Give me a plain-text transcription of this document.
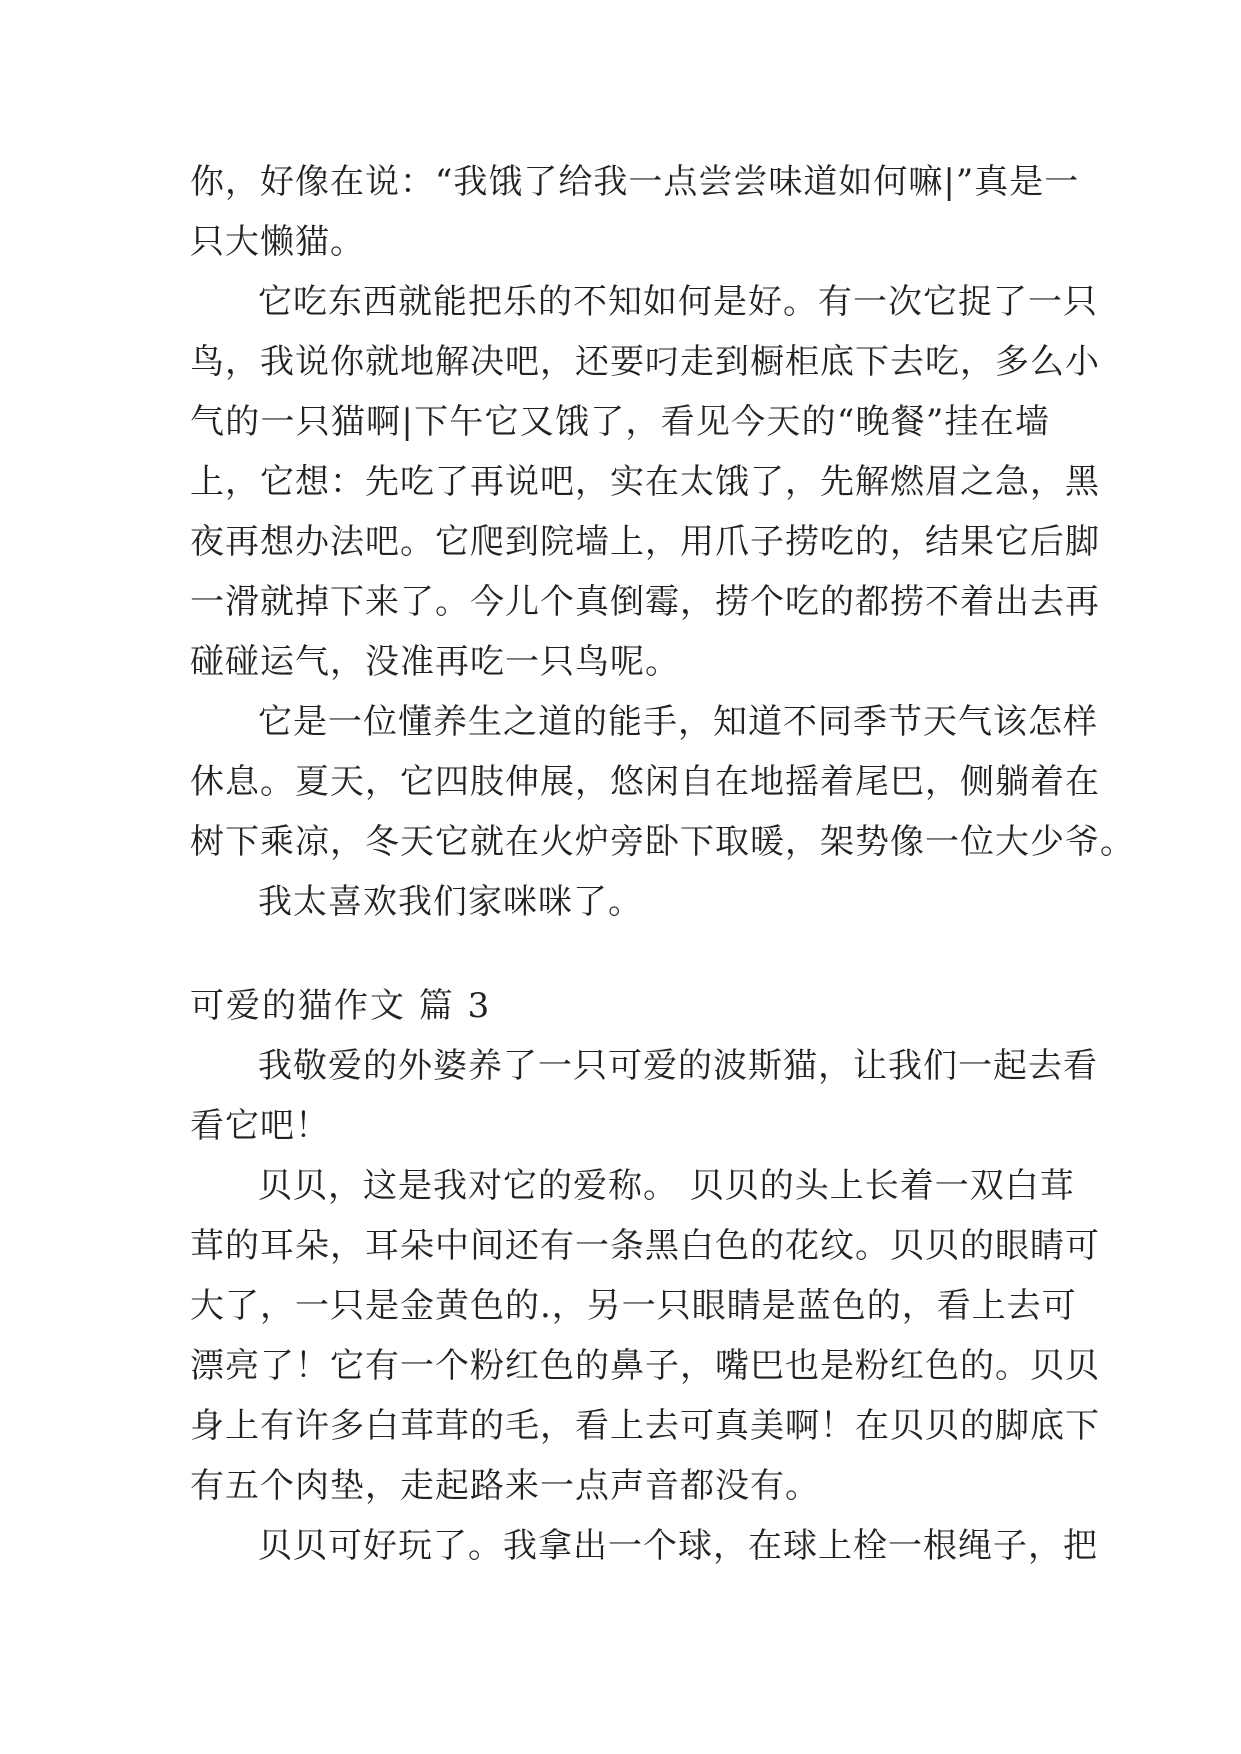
你，好像在说：“我饿了给我一点尝尝味道如何嘛|”真是一

只大懒猫。

它吃东西就能把乐的不知如何是好。有一次它捉了一只

鸟，我说你就地解决吧，还要叼走到橱柜底下去吃，多么小

气的一只猫啊|下午它又饿了，看见今天的“晚餐”挂在墙

上，它想：先吃了再说吧，实在太饿了，先解燃眉之急，黑

夜再想办法吧。它爬到院墙上，用爪子捞吃的，结果它后脚

一滑就掉下来了。今儿个真倒霉，捞个吃的都捞不着出去再

碰碰运气，没准再吃一只鸟呢。

它是一位懂养生之道的能手，知道不同季节天气该怎样

休息。夏天，它四肢伸展，悠闲自在地摇着尾巴，侧躺着在

树下乘凉，冬天它就在火炉旁卧下取暖，架势像一位大少爷。

我太喜欢我们家咪咪了。

可爱的猫作文 篇 3

我敬爱的外婆养了一只可爱的波斯猫，让我们一起去看

看它吧！

贝贝，这是我对它的爱称。 贝贝的头上长着一双白茸

茸的耳朵，耳朵中间还有一条黑白色的花纹。贝贝的眼睛可

大了，一只是金黄色的.，另一只眼睛是蓝色的，看上去可

漂亮了！它有一个粉红色的鼻子，嘴巴也是粉红色的。贝贝

身上有许多白茸茸的毛，看上去可真美啊！在贝贝的脚底下

有五个肉垫，走起路来一点声音都没有。

贝贝可好玩了。我拿出一个球，在球上栓一根绳子，把
